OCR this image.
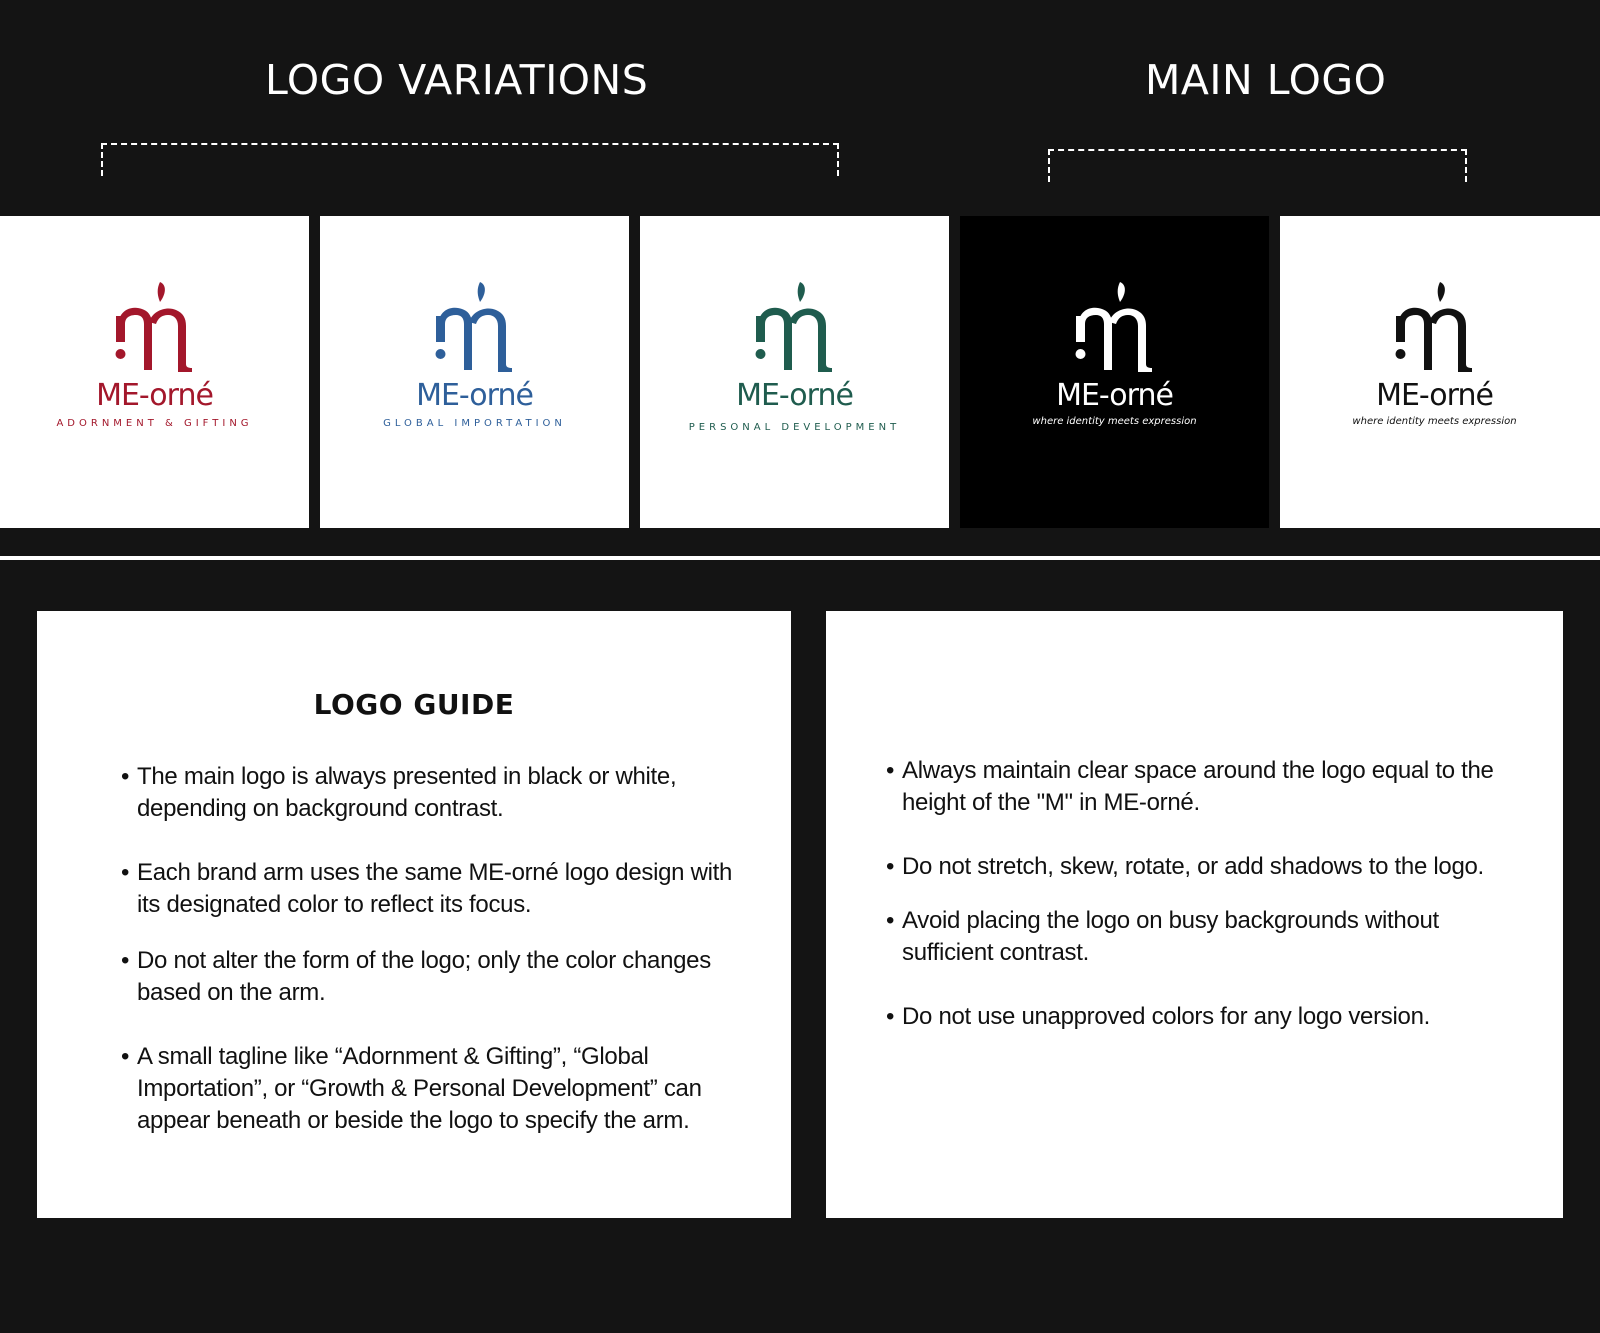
LOGO VARIATIONS	MAIN LOGO
ME-orné
ADORNMENT & GIFTING
ME-orné
GLOBAL IMPORTATION
ME-orné
PERSONAL DEVELOPMENT
ME-orné
where identity meets expression
ME-orné
where identity meets expression
LOGO GUIDE
• The main logo is always presented in black or white, depending on background contrast.
• Each brand arm uses the same ME-orné logo design with its designated color to reflect its focus.
• Do not alter the form of the logo; only the color changes based on the arm.
• A small tagline like “Adornment & Gifting”, “Global Importation”, or “Growth & Personal Development” can appear beneath or beside the logo to specify the arm.
• Always maintain clear space around the logo equal to the height of the "M" in ME-orné.
• Do not stretch, skew, rotate, or add shadows to the logo.
• Avoid placing the logo on busy backgrounds without sufficient contrast.
• Do not use unapproved colors for any logo version.
